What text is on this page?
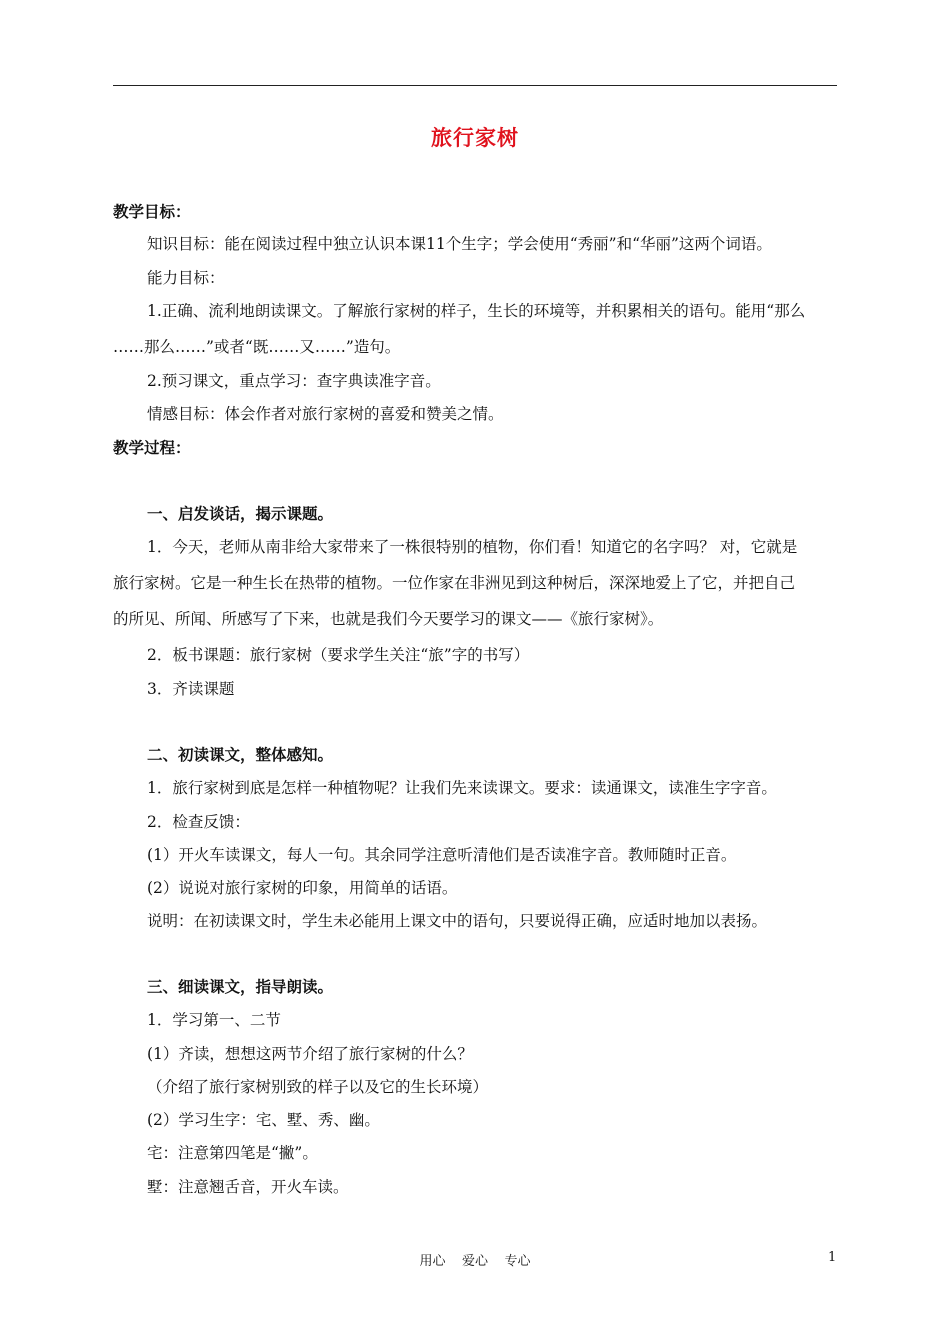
旅行家树
教学目标：
知识目标：能在阅读过程中独立认识本课11个生字；学会使用“秀丽”和“华丽”这两个词语。
能力目标：
1.正确、流利地朗读课文。了解旅行家树的样子，生长的环境等，并积累相关的语句。能用“那么
……那么……”或者“既……又……”造句。
2.预习课文，重点学习：查字典读准字音。
情感目标：体会作者对旅行家树的喜爱和赞美之情。
教学过程：
一、启发谈话，揭示课题。
1．今天，老师从南非给大家带来了一株很特别的植物，你们看！知道它的名字吗？ 对，它就是
旅行家树。它是一种生长在热带的植物。一位作家在非洲见到这种树后，深深地爱上了它，并把自己
的所见、所闻、所感写了下来，也就是我们今天要学习的课文——《旅行家树》。
2．板书课题：旅行家树（要求学生关注“旅”字的书写）
3．齐读课题
二、初读课文，整体感知。
1．旅行家树到底是怎样一种植物呢？让我们先来读课文。要求：读通课文，读准生字字音。
2．检查反馈：
(1）开火车读课文，每人一句。其余同学注意听清他们是否读准字音。教师随时正音。
(2）说说对旅行家树的印象，用简单的话语。
说明：在初读课文时，学生未必能用上课文中的语句，只要说得正确，应适时地加以表扬。
三、细读课文，指导朗读。
1．学习第一、二节
(1）齐读，想想这两节介绍了旅行家树的什么？
（介绍了旅行家树别致的样子以及它的生长环境）
(2）学习生字：宅、墅、秀、幽。
宅：注意第四笔是“撇”。
墅：注意翘舌音，开火车读。
用心    爱心    专心	1
